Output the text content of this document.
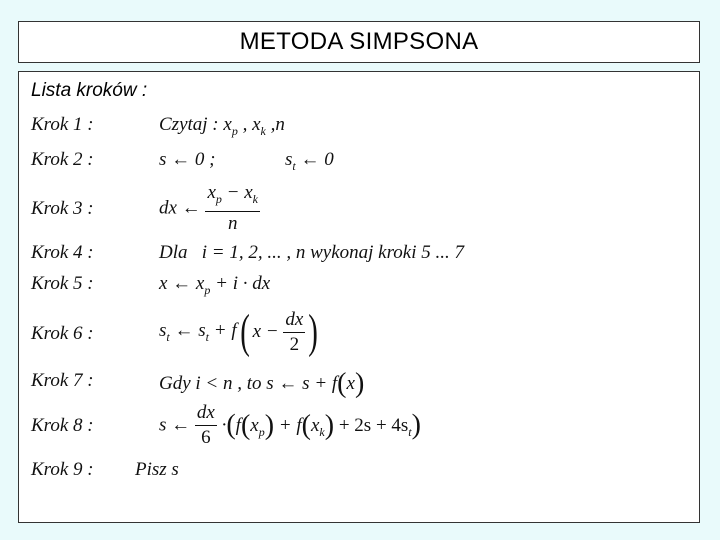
METODA SIMPSONA
Lista kroków :
Krok 1 :
Krok 2 :
Krok 3 :
Krok 4 :
Krok 5 :
Krok 6 :
Krok 7 :
Krok 8 :
Krok 9 :
Czytaj : $x_p$ , $x_k$ ,n
s ← 0 ;	$s_t$ ← 0
dx ← $\frac{x_p - x_k}{n}$
Dla i = 1, 2, ... , n wykonaj kroki 5 ... 7
x ← $x_p + i$ · dx
$s_t$ ← $s_t + f$( $x - \frac{dx}{2}$ )
Gdy i < n , to s ← s + f(x)
s ← $\frac{dx}{6} \cdot(f(x_p) + f(x_k) + 2s + 4s_t)$
Pisz s
